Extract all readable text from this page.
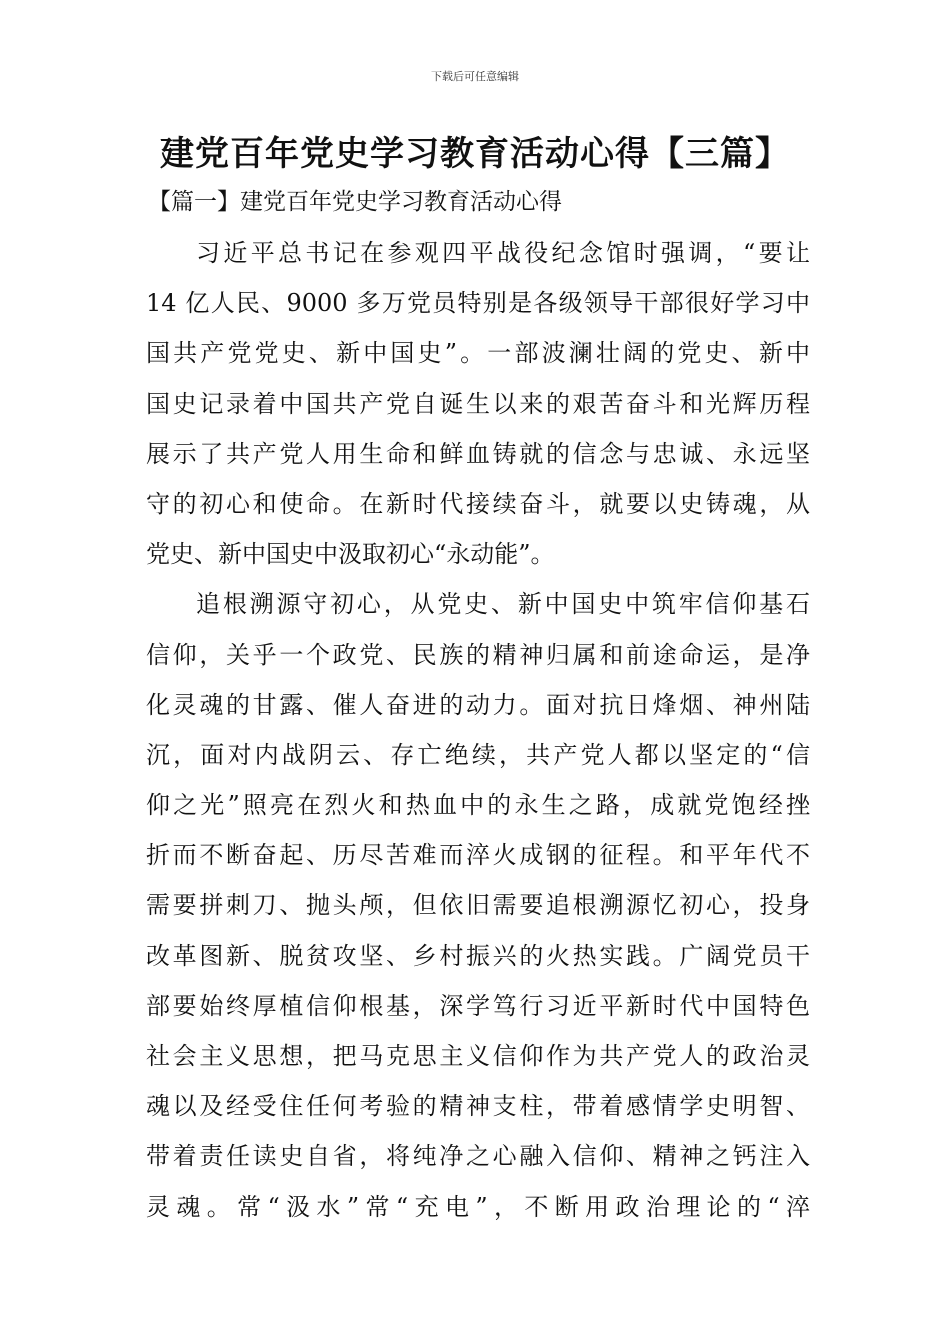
下载后可任意编辑
建党百年党史学习教育活动心得【三篇】
【篇一】建党百年党史学习教育活动心得
习近平总书记在参观四平战役纪念馆时强调，“要让
14 亿人民、9000 多万党员特别是各级领导干部很好学习中
国共产党党史、新中国史”。一部波澜壮阔的党史、新中
国史记录着中国共产党自诞生以来的艰苦奋斗和光辉历程
展示了共产党人用生命和鲜血铸就的信念与忠诚、永远坚
守的初心和使命。在新时代接续奋斗，就要以史铸魂，从
党史、新中国史中汲取初心“永动能”。
追根溯源守初心，从党史、新中国史中筑牢信仰基石
信仰，关乎一个政党、民族的精神归属和前途命运，是净
化灵魂的甘露、催人奋进的动力。面对抗日烽烟、神州陆
沉，面对内战阴云、存亡绝续，共产党人都以坚定的“信
仰之光”照亮在烈火和热血中的永生之路，成就党饱经挫
折而不断奋起、历尽苦难而淬火成钢的征程。和平年代不
需要拼刺刀、抛头颅，但依旧需要追根溯源忆初心，投身
改革图新、脱贫攻坚、乡村振兴的火热实践。广阔党员干
部要始终厚植信仰根基，深学笃行习近平新时代中国特色
社会主义思想，把马克思主义信仰作为共产党人的政治灵
魂以及经受住任何考验的精神支柱，带着感情学史明智、
带着责任读史自省，将纯净之心融入信仰、精神之钙注入
灵魂。常“汲水”常“充电”，不断用政治理论的“淬
